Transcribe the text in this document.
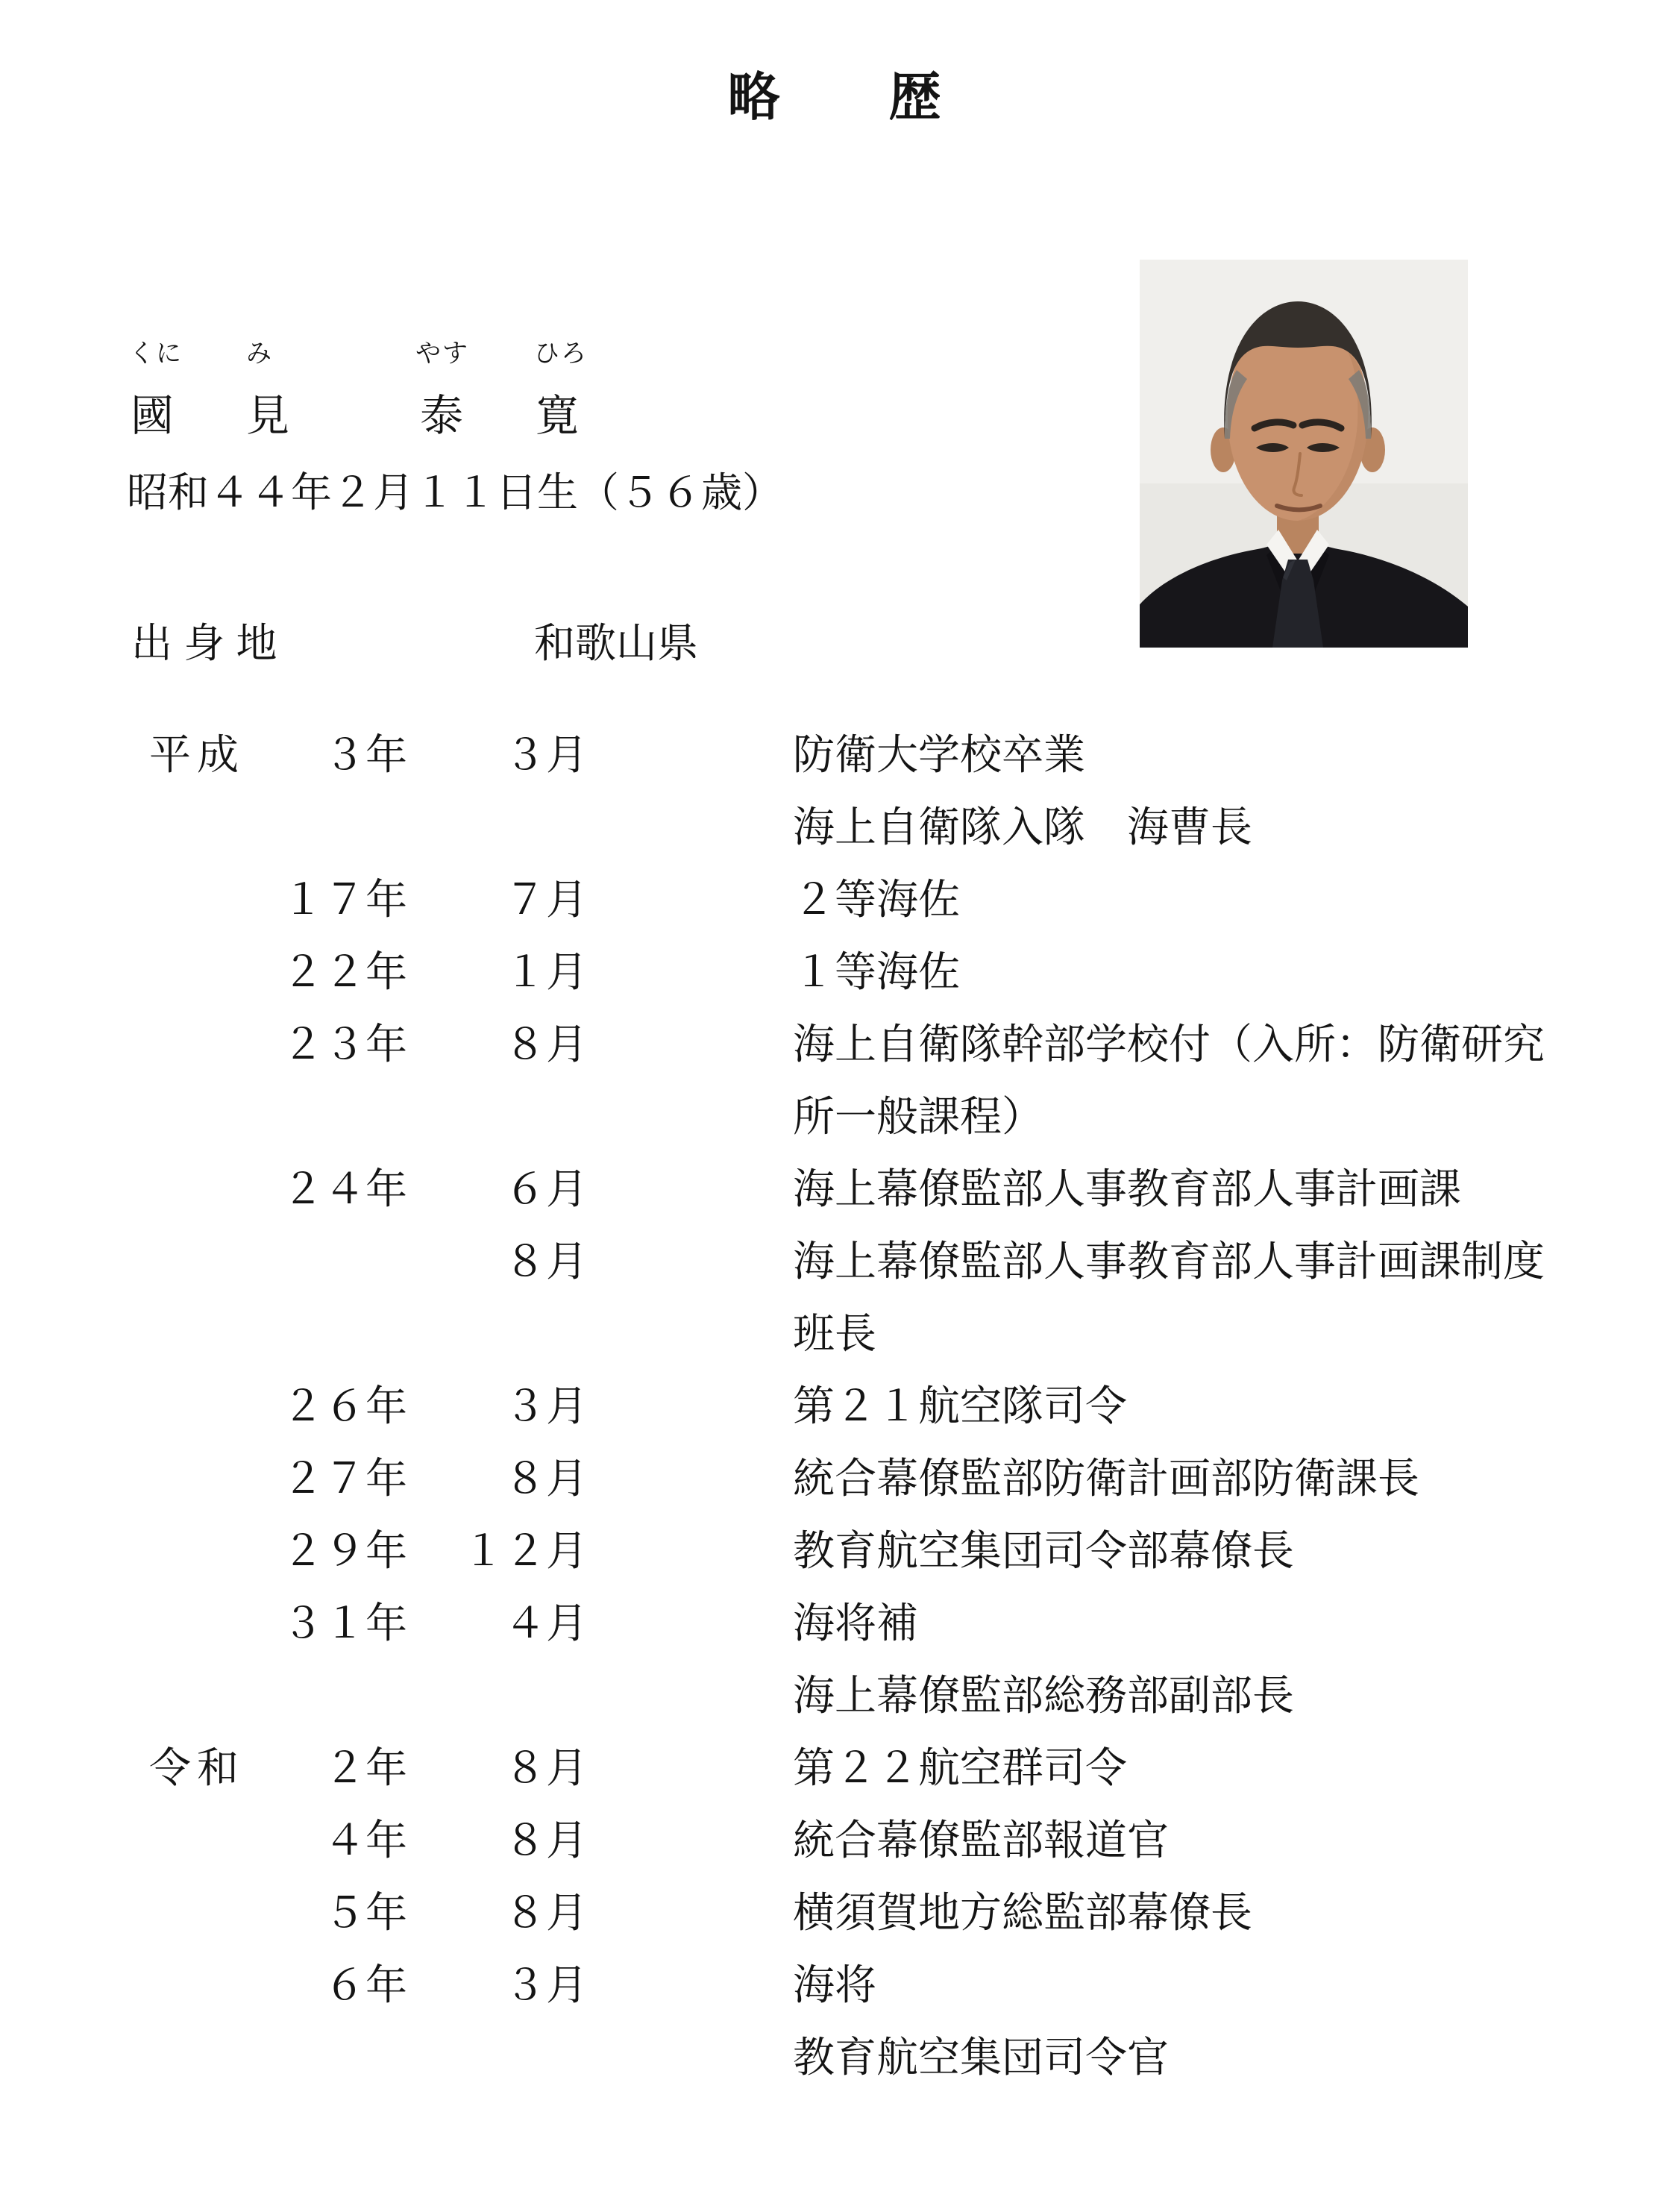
略　　歴
くに	み	やす	ひろ
國 見	泰 寛
昭和４４年２月１１日生（５６歳）
出 身 地	和歌山県
平成	３年	３月	防衛大学校卒業
海上自衛隊入隊　海曹長
１７年	７月	２等海佐
２２年	１月	１等海佐
２３年	８月	海上自衛隊幹部学校付（入所：防衛研究
所一般課程）
２４年	６月	海上幕僚監部人事教育部人事計画課
８月	海上幕僚監部人事教育部人事計画課制度
班長
２６年	３月	第２１航空隊司令
２７年	８月	統合幕僚監部防衛計画部防衛課長
２９年	１２月	教育航空集団司令部幕僚長
３１年	４月	海将補
海上幕僚監部総務部副部長
令和	２年	８月	第２２航空群司令
４年	８月	統合幕僚監部報道官
５年	８月	横須賀地方総監部幕僚長
６年	３月	海将
教育航空集団司令官
